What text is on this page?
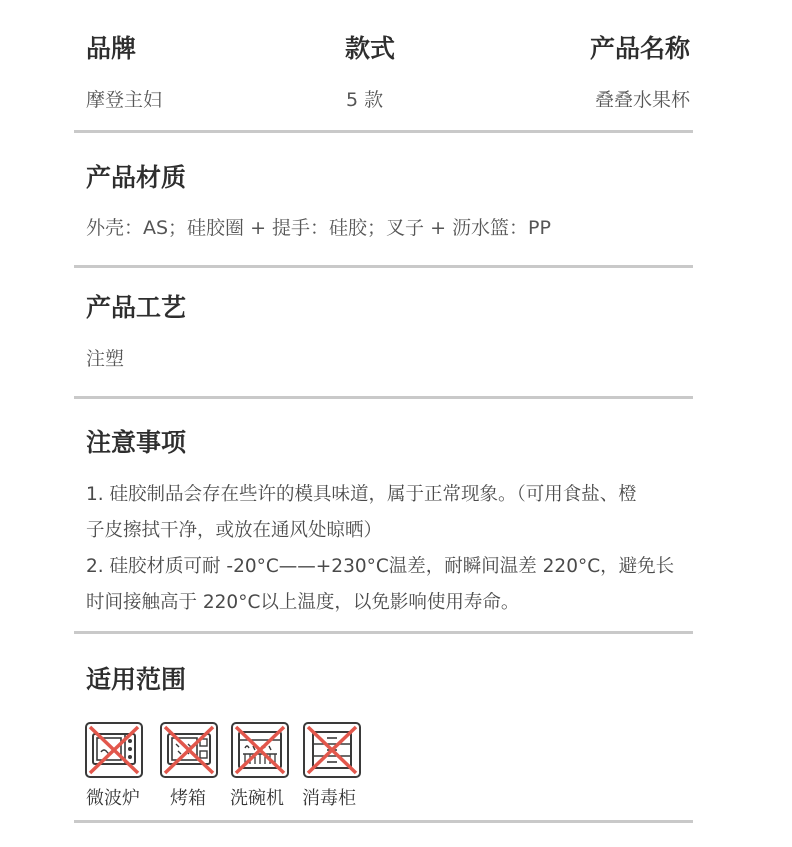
品牌
摩登主妇
款式
5 款
产品名称
叠叠水果杯
产品材质
外壳：AS；硅胶圈 + 提手：硅胶；叉子 + 沥水篮：PP
产品工艺
注塑
注意事项
1. 硅胶制品会存在些许的模具味道，属于正常现象。（可用食盐、橙
子皮擦拭干净，或放在通风处晾晒）
2. 硅胶材质可耐 -20°C——+230°C温差，耐瞬间温差 220°C，避免长
时间接触高于 220°C以上温度，以免影响使用寿命。
适用范围
微波炉 烤箱 洗碗机 消毒柜
